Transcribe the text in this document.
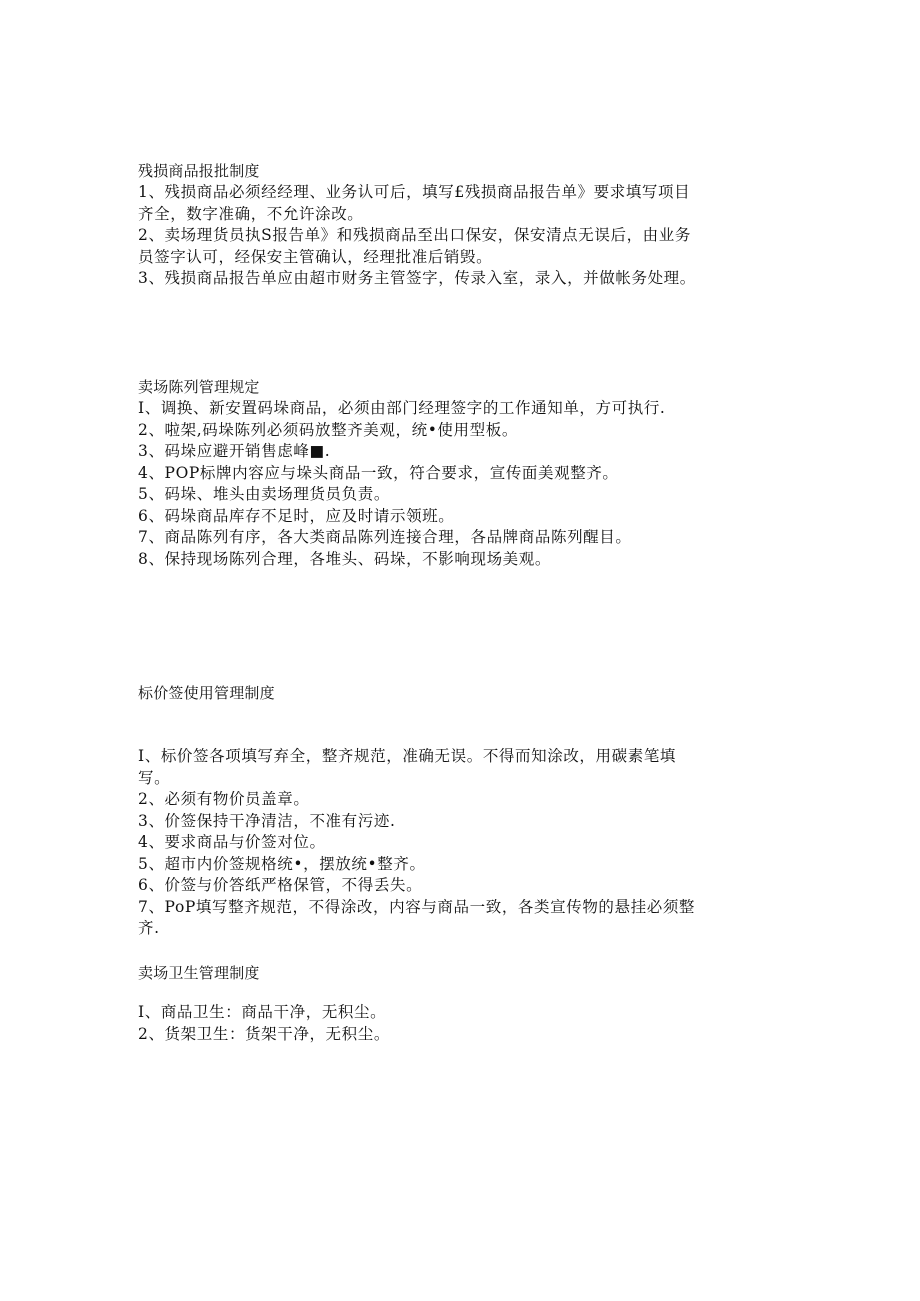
残损商品报批制度
1、残损商品必须经经理、业务认可后，填写£残损商品报告单》要求填写项目齐全，数字准确，不允许涂改。
2、卖场理货员执S报告单》和残损商品至出口保安，保安清点无误后，由业务员签字认可，经保安主管确认，经理批准后销毁。
3、残损商品报告单应由超市财务主管签字，传录入室，录入，并做帐务处理。
卖场陈列管理规定
I、调换、新安置码垛商品，必须由部门经理签字的工作通知单，方可执行.
2、啦架,码垛陈列必须码放整齐美观，统•使用型板。
3、码垛应避开销售虑峰■.
4、POP标牌内容应与垛头商品一致，符合要求，宣传面美观整齐。
5、码垛、堆头由卖场理货员负责。
6、码垛商品库存不足时，应及时请示领班。
7、商品陈列有序，各大类商品陈列连接合理，各品牌商品陈列醒目。
8、保持现场陈列合理，各堆头、码垛，不影响现场美观。
标价签使用管理制度
I、标价签各项填写弃全，整齐规范，准确无误。不得而知涂改，用碳素笔填写。
2、必须有物价员盖章。
3、价签保持干净清洁，不准有污迹.
4、要求商品与价签对位。
5、超市内价签规格统•，摆放统•整齐。
6、价签与价答纸严格保管，不得丢失。
7、PoP填写整齐规范，不得涂改，内容与商品一致，各类宣传物的悬挂必须整齐.
卖场卫生管理制度
I、商品卫生：商品干净，无积尘。
2、货架卫生：货架干净，无积尘。
